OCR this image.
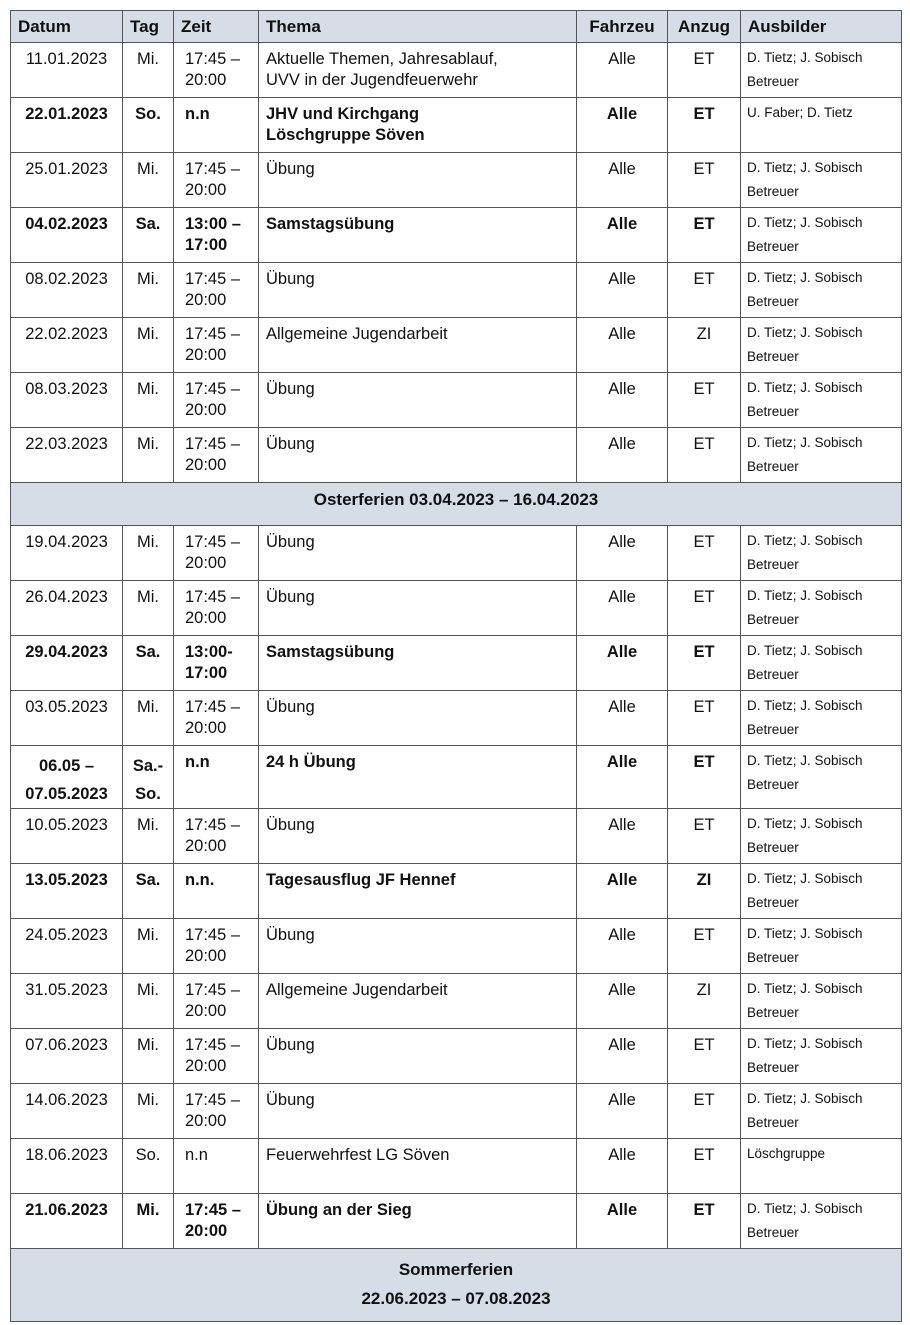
Datum	Tag	Zeit	Thema	Fahrzeu	Anzug	Ausbilder

11.01.2023	Mi.	17:45 –
20:00	Aktuelle Themen, Jahresablauf,
UVV in der Jugendfeuerwehr	Alle	ET	D. Tietz; J. Sobisch
Betreuer

22.01.2023	So.	n.n	JHV und Kirchgang
Löschgruppe Söven	Alle	ET	U. Faber; D. Tietz

25.01.2023	Mi.	17:45 –
20:00	Übung	Alle	ET	D. Tietz; J. Sobisch
Betreuer

04.02.2023	Sa.	13:00 –
17:00	Samstagsübung	Alle	ET	D. Tietz; J. Sobisch
Betreuer

08.02.2023	Mi.	17:45 –
20:00	Übung	Alle	ET	D. Tietz; J. Sobisch
Betreuer

22.02.2023	Mi.	17:45 –
20:00	Allgemeine Jugendarbeit	Alle	ZI	D. Tietz; J. Sobisch
Betreuer

08.03.2023	Mi.	17:45 –
20:00	Übung	Alle	ET	D. Tietz; J. Sobisch
Betreuer

22.03.2023	Mi.	17:45 –
20:00	Übung	Alle	ET	D. Tietz; J. Sobisch
Betreuer

Osterferien 03.04.2023 – 16.04.2023						

19.04.2023	Mi.	17:45 –
20:00	Übung	Alle	ET	D. Tietz; J. Sobisch
Betreuer

26.04.2023	Mi.	17:45 –
20:00	Übung	Alle	ET	D. Tietz; J. Sobisch
Betreuer

29.04.2023	Sa.	13:00-
17:00	Samstagsübung	Alle	ET	D. Tietz; J. Sobisch
Betreuer

03.05.2023	Mi.	17:45 –
20:00	Übung	Alle	ET	D. Tietz; J. Sobisch
Betreuer

06.05 –
07.05.2023	Sa.-
So.	n.n	24 h Übung	Alle	ET	D. Tietz; J. Sobisch
Betreuer

10.05.2023	Mi.	17:45 –
20:00	Übung	Alle	ET	D. Tietz; J. Sobisch
Betreuer

13.05.2023	Sa.	n.n.	Tagesausflug JF Hennef	Alle	ZI	D. Tietz; J. Sobisch
Betreuer

24.05.2023	Mi.	17:45 –
20:00	Übung	Alle	ET	D. Tietz; J. Sobisch
Betreuer

31.05.2023	Mi.	17:45 –
20:00	Allgemeine Jugendarbeit	Alle	ZI	D. Tietz; J. Sobisch
Betreuer

07.06.2023	Mi.	17:45 –
20:00	Übung	Alle	ET	D. Tietz; J. Sobisch
Betreuer

14.06.2023	Mi.	17:45 –
20:00	Übung	Alle	ET	D. Tietz; J. Sobisch
Betreuer

18.06.2023	So.	n.n	Feuerwehrfest LG Söven	Alle	ET	Löschgruppe

21.06.2023	Mi.	17:45 –
20:00	Übung an der Sieg	Alle	ET	D. Tietz; J. Sobisch
Betreuer

Sommerferien
22.06.2023 – 07.08.2023						
